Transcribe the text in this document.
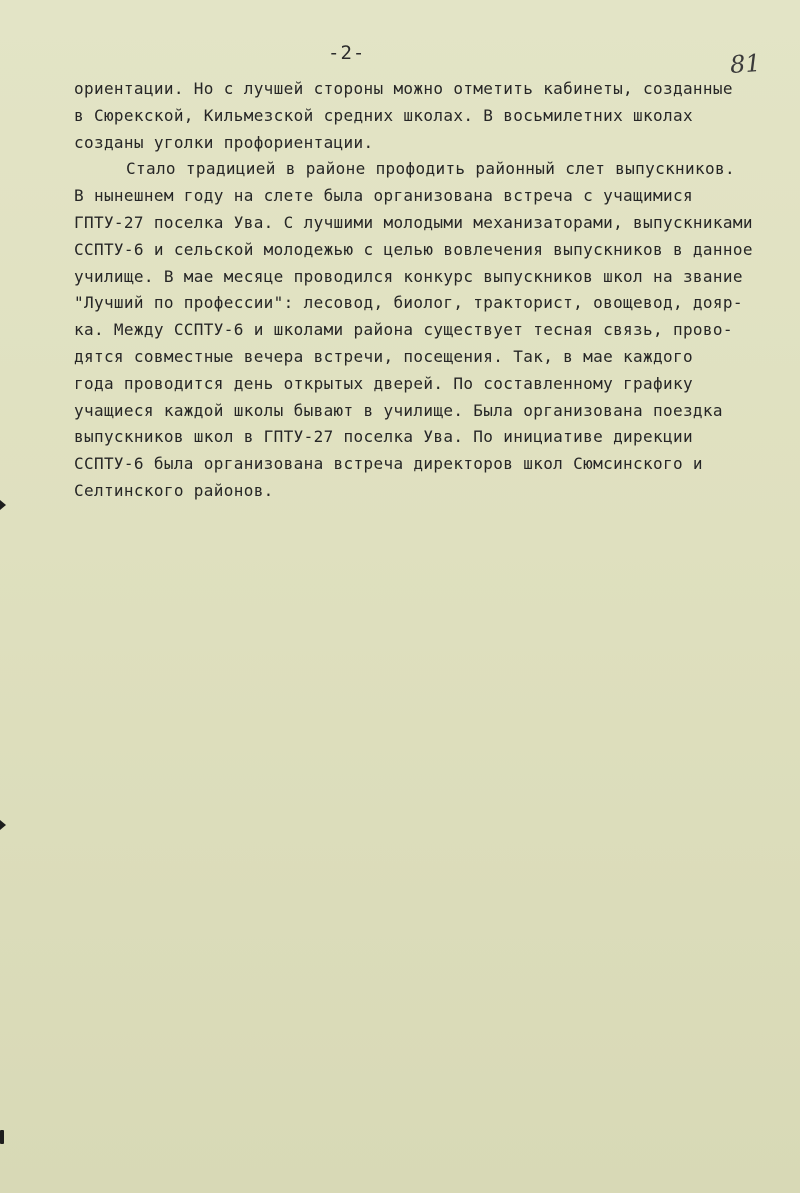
-2-	81
ориентации. Но с лучшей стороны можно отметить кабинеты, созданные
в Сюрекской, Кильмезской средних школах. В восьмилетних школах
созданы уголки профориентации.
Стало традицией в районе профодить районный слет выпускников.
В нынешнем году на слете была организована встреча с учащимися
ГПТУ-27 поселка Ува. С лучшими молодыми механизаторами, выпускниками
ССПТУ-6 и сельской молодежью с целью вовлечения выпускников в данное
училище. В мае месяце проводился конкурс выпускников школ на звание
"Лучший по профессии": лесовод, биолог, тракторист, овощевод, дояр-
ка. Между ССПТУ-6 и школами района существует тесная связь, прово-
дятся совместные вечера встречи, посещения. Так, в мае каждого
года проводится день открытых дверей. По составленному графику
учащиеся каждой школы бывают в училище. Была организована поездка
выпускников школ в ГПТУ-27 поселка Ува. По инициативе дирекции
ССПТУ-6 была организована встреча директоров школ Сюмсинского и
Селтинского районов.
